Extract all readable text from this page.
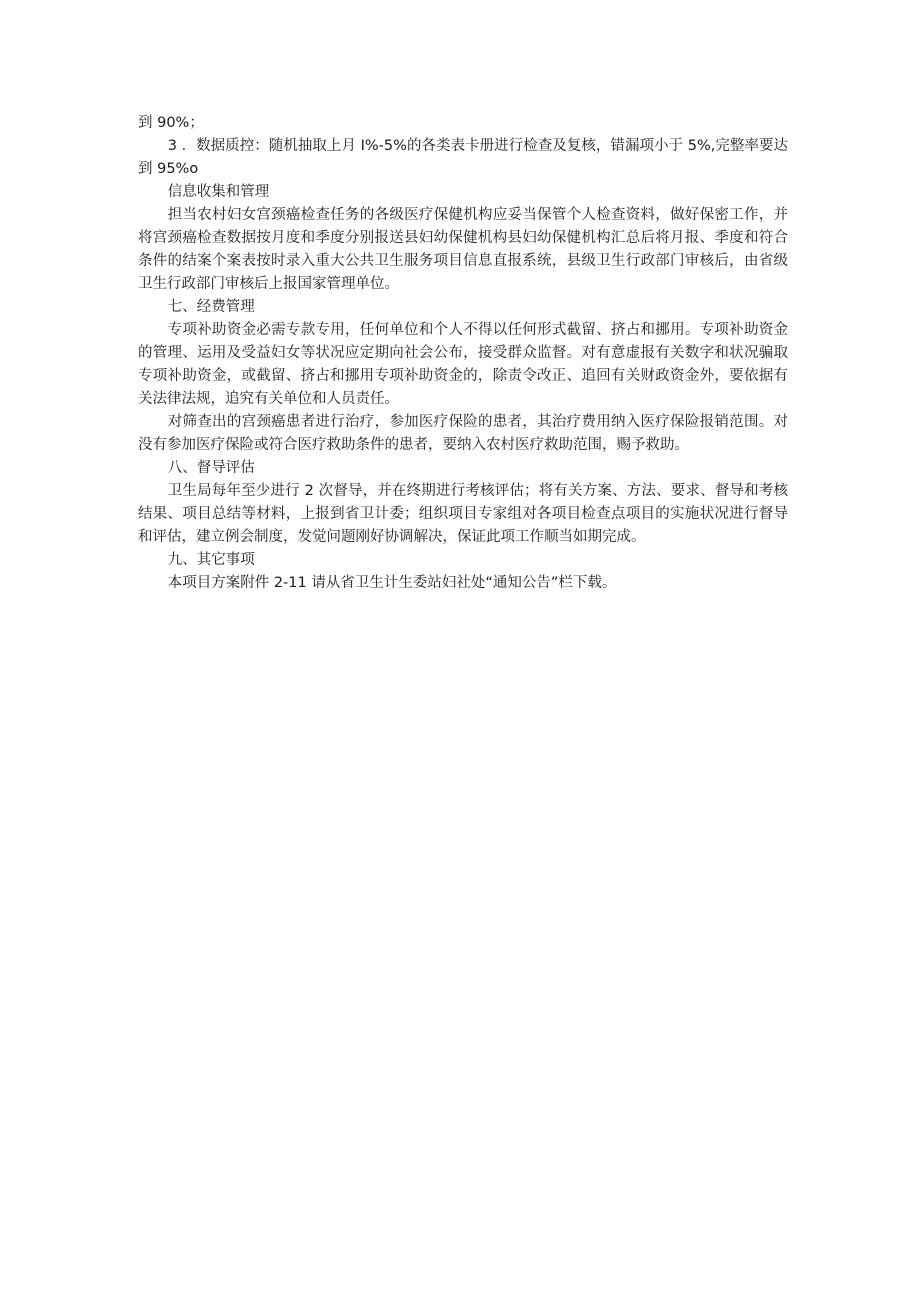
到 90%；

3 ．数据质控：随机抽取上月 I%-5%的各类表卡册进行检查及复核，错漏项小于 5%,完整率要达到 95%o

信息收集和管理

担当农村妇女宫颈癌检查任务的各级医疗保健机构应妥当保管个人检查资料，做好保密工作，并将宫颈癌检查数据按月度和季度分别报送县妇幼保健机构县妇幼保健机构汇总后将月报、季度和符合条件的结案个案表按时录入重大公共卫生服务项目信息直报系统，县级卫生行政部门审核后，由省级卫生行政部门审核后上报国家管理单位。

七、经费管理

专项补助资金必需专款专用，任何单位和个人不得以任何形式截留、挤占和挪用。专项补助资金的管理、运用及受益妇女等状况应定期向社会公布，接受群众监督。对有意虚报有关数字和状况骗取专项补助资金，或截留、挤占和挪用专项补助资金的，除责令改正、追回有关财政资金外，要依据有关法律法规，追究有关单位和人员责任。

对筛查出的宫颈癌患者进行治疗，参加医疗保险的患者，其治疗费用纳入医疗保险报销范围。对没有参加医疗保险或符合医疗救助条件的患者，要纳入农村医疗救助范围，赐予救助。

八、督导评估

卫生局每年至少进行 2 次督导，并在终期进行考核评估；将有关方案、方法、要求、督导和考核结果、项目总结等材料，上报到省卫计委；组织项目专家组对各项目检查点项目的实施状况进行督导和评估，建立例会制度，发觉问题刚好协调解决，保证此项工作顺当如期完成。

九、其它事项

本项目方案附件 2-11 请从省卫生计生委站妇社处“通知公告”栏下载。
